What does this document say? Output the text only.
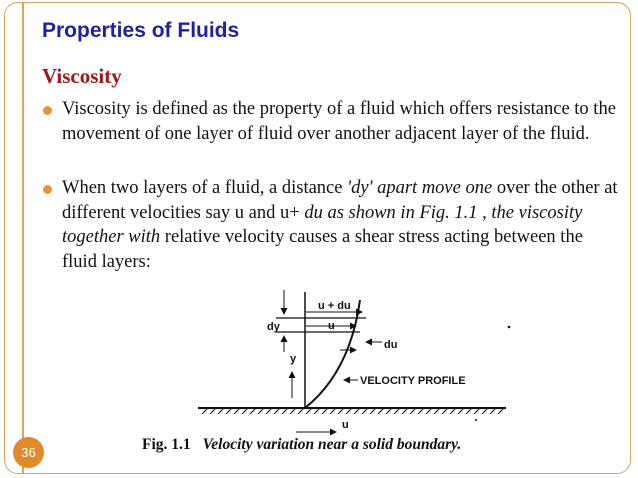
Properties of Fluids
Viscosity

Viscosity is defined as the property of a fluid which offers resistance to the movement of one layer of fluid over another adjacent layer of the fluid.

When two layers of a fluid, a distance 'dy' apart move one over the other at different velocities say u and u+ du as shown in Fig. 1.1 , the viscosity together with relative velocity causes a shear stress acting between the fluid layers:

u + du
u
dy
du
y
VELOCITY PROFILE
u
Fig. 1.1 Velocity variation near a solid boundary.
36
